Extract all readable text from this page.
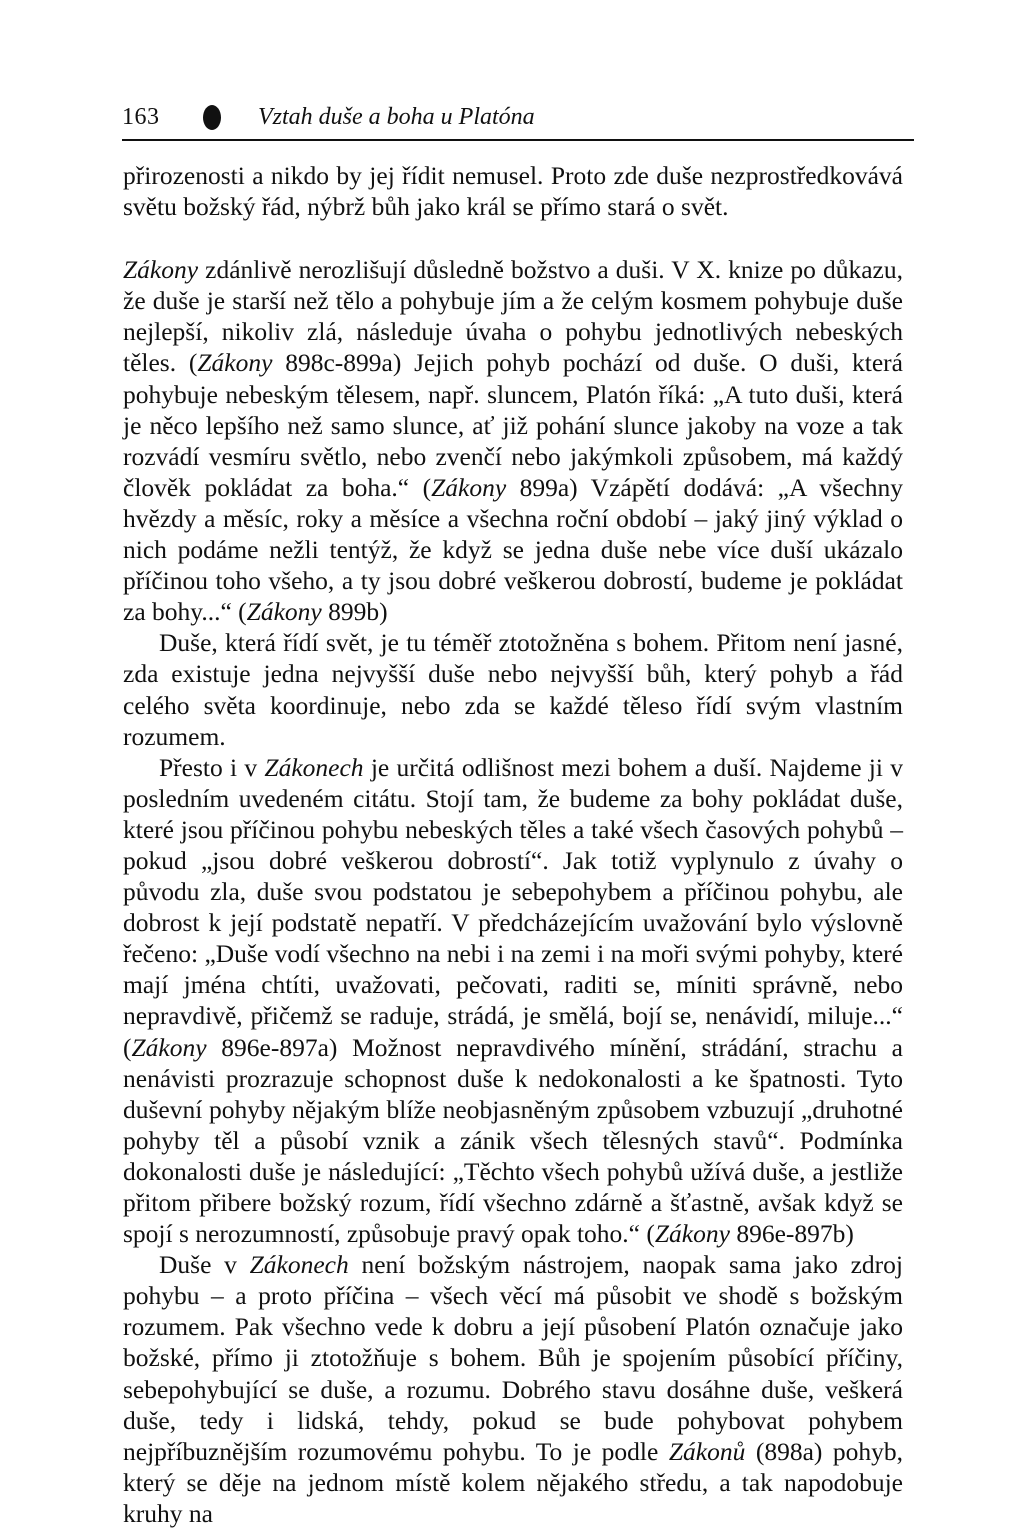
163	Vztah duše a boha u Platóna

přirozenosti a nikdo by jej řídit nemusel. Proto zde duše nezprostředkovává světu božský řád, nýbrž bůh jako král se přímo stará o svět.

Zákony zdánlivě nerozlišují důsledně božstvo a duši. V X. knize po důkazu, že duše je starší než tělo a pohybuje jím a že celým kosmem pohybuje duše nejlepší, nikoliv zlá, následuje úvaha o pohybu jednotlivých nebeských těles. (Zákony 898c-899a) Jejich pohyb pochází od duše. O duši, která pohybuje nebeským tělesem, např. sluncem, Platón říká: „A tuto duši, která je něco lepšího než samo slunce, ať již pohání slunce jakoby na voze a tak rozvádí vesmíru světlo, nebo zvenčí nebo jakýmkoli způsobem, má každý člověk pokládat za boha.“ (Zákony 899a) Vzápětí dodává: „A všechny hvězdy a měsíc, roky a měsíce a všechna roční období – jaký jiný výklad o nich podáme nežli tentýž, že když se jedna duše nebe více duší ukázalo příčinou toho všeho, a ty jsou dobré veškerou dobrostí, budeme je pokládat za bohy...“ (Zákony 899b)

Duše, která řídí svět, je tu téměř ztotožněna s bohem. Přitom není jasné, zda existuje jedna nejvyšší duše nebo nejvyšší bůh, který pohyb a řád celého světa koordinuje, nebo zda se každé těleso řídí svým vlastním rozumem.

Přesto i v Zákonech je určitá odlišnost mezi bohem a duší. Najdeme ji v posledním uvedeném citátu. Stojí tam, že budeme za bohy pokládat duše, které jsou příčinou pohybu nebeských těles a také všech časových pohybů – pokud „jsou dobré veškerou dobrostí“. Jak totiž vyplynulo z úvahy o původu zla, duše svou podstatou je sebepohybem a příčinou pohybu, ale dobrost k její podstatě nepatří. V předcházejícím uvažování bylo výslovně řečeno: „Duše vodí všechno na nebi i na zemi i na moři svými pohyby, které mají jména chtíti, uvažovati, pečovati, raditi se, míniti správně, nebo nepravdivě, přičemž se raduje, strádá, je smělá, bojí se, nenávidí, miluje...“ (Zákony 896e-897a) Možnost nepravdivého mínění, strádání, strachu a nenávisti prozrazuje schopnost duše k nedokonalosti a ke špatnosti. Tyto duševní pohyby nějakým blíže neobjasněným způsobem vzbuzují „druhotné pohyby těl a působí vznik a zánik všech tělesných stavů“. Podmínka dokonalosti duše je následující: „Těchto všech pohybů užívá duše, a jestliže přitom přibere božský rozum, řídí všechno zdárně a šťastně, avšak když se spojí s nerozumností, způsobuje pravý opak toho.“ (Zákony 896e-897b)

Duše v Zákonech není božským nástrojem, naopak sama jako zdroj pohybu – a proto příčina – všech věcí má působit ve shodě s božským rozumem. Pak všechno vede k dobru a její působení Platón označuje jako božské, přímo ji ztotožňuje s bohem. Bůh je spojením působící příčiny, sebepohybující se duše, a rozumu. Dobrého stavu dosáhne duše, veškerá duše, tedy i lidská, tehdy, pokud se bude pohybovat pohybem nejpříbuznějším rozumovému pohybu. To je podle Zákonů (898a) pohyb, který se děje na jednom místě kolem nějakého středu, a tak napodobuje kruhy na
